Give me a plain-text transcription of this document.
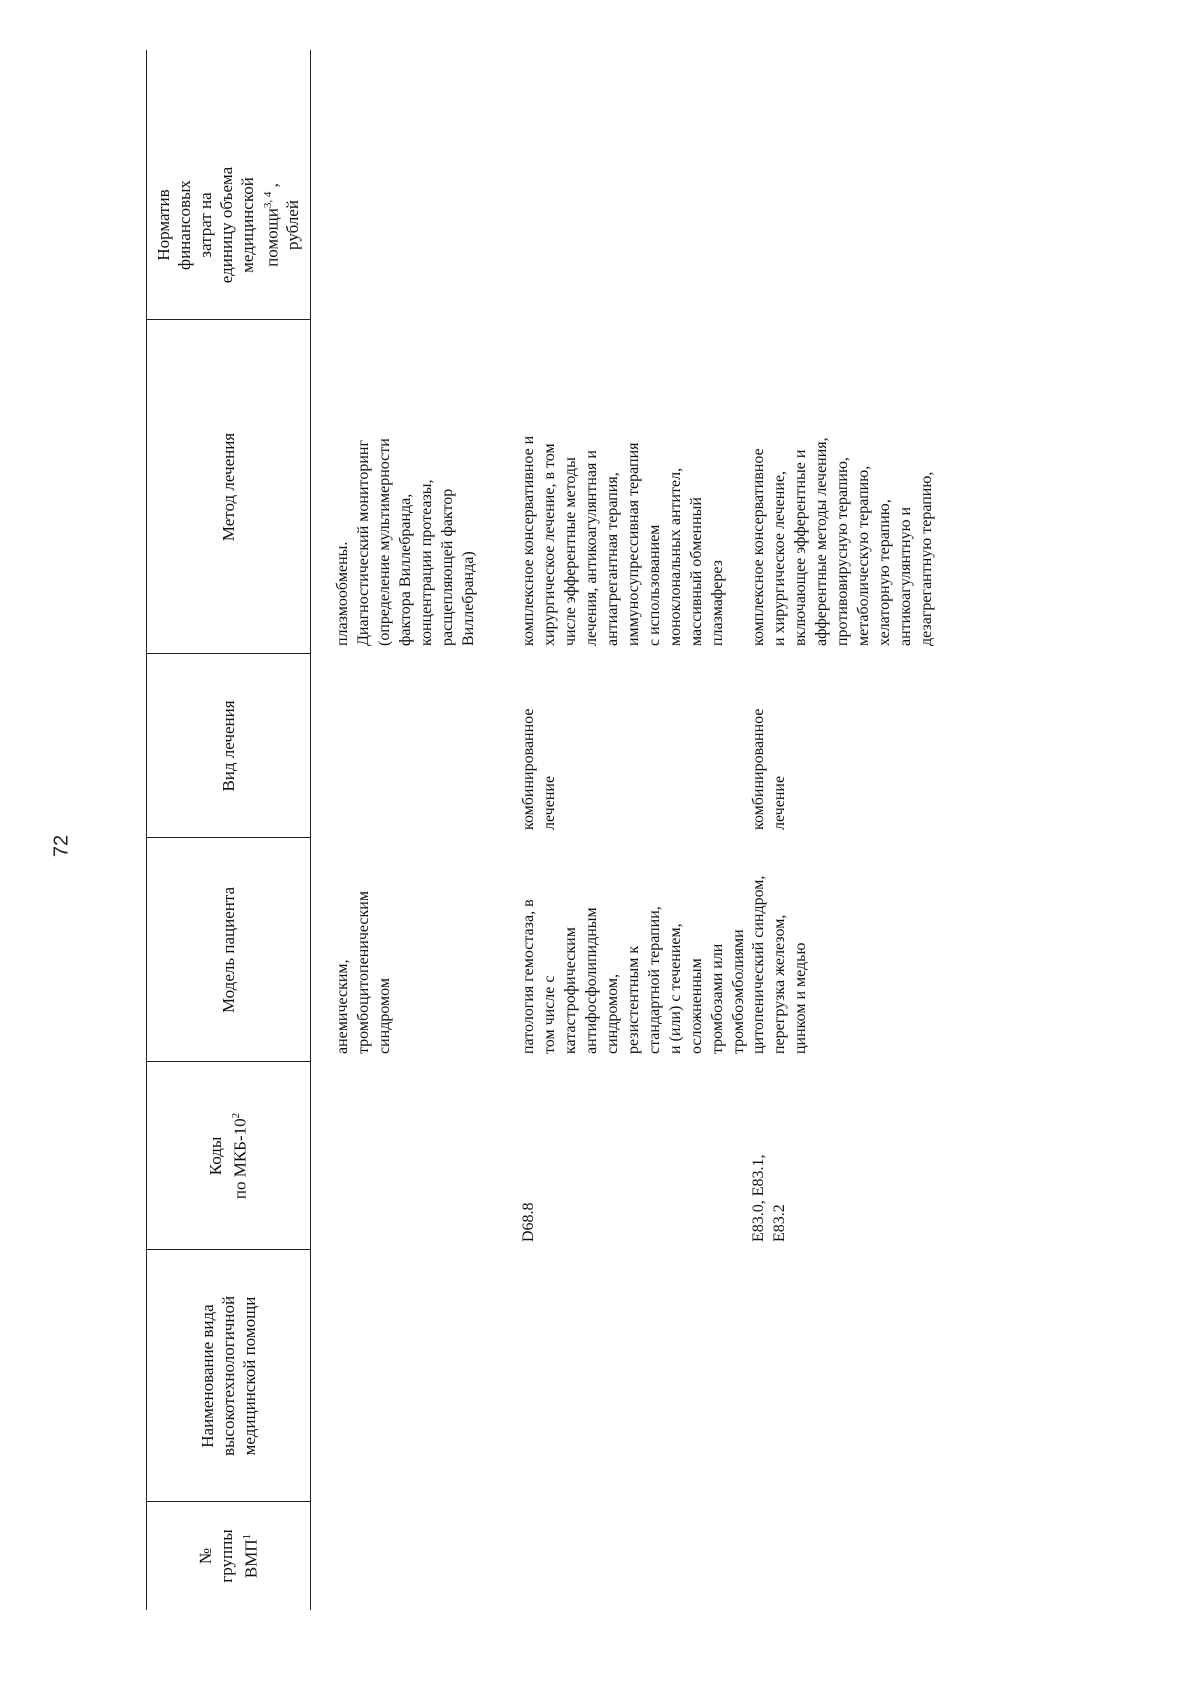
72
№
группы
ВМП$^1$
Наименование вида
высокотехнологичной
медицинской помощи
Коды
по МКБ-$10^2$
Модель пациента
Вид лечения
Метод лечения
Норматив
финансовых
затрат на
единицу объема
медицинской
помощи$^{3, 4}$ ,
рублей
анемическим,
тромбоцитопеническим
синдромом
плазмообмены.
Диагностический мониторинг
(определение мультимерности
фактора Виллебранда,
концентрации протеазы,
расщепляющей фактор
Виллебранда)
D68.8
патология гемостаза, в
том числе с
катастрофическим
антифосфолипидным
синдромом,
резистентным к
стандартной терапии,
и (или) с течением,
осложненным
тромбозами или
тромбоэмболиями
комбинированное
лечение
комплексное консервативное и
хирургическое лечение, в том
числе эфферентные методы
лечения, антикоагулянтная и
антиагрегантная терапия,
иммуносупрессивная терапия
с использованием
моноклональных антител,
массивный обменный
плазмаферез
E83.0, E83.1,
E83.2
цитопенический синдром,
перегрузка железом,
цинком и медью
комбинированное
лечение
комплексное консервативное
и хирургическое лечение,
включающее эфферентные и
афферентные методы лечения,
противовирусную терапию,
метаболическую терапию,
хелаторную терапию,
антикоагулянтную и
дезагрегантную терапию,
